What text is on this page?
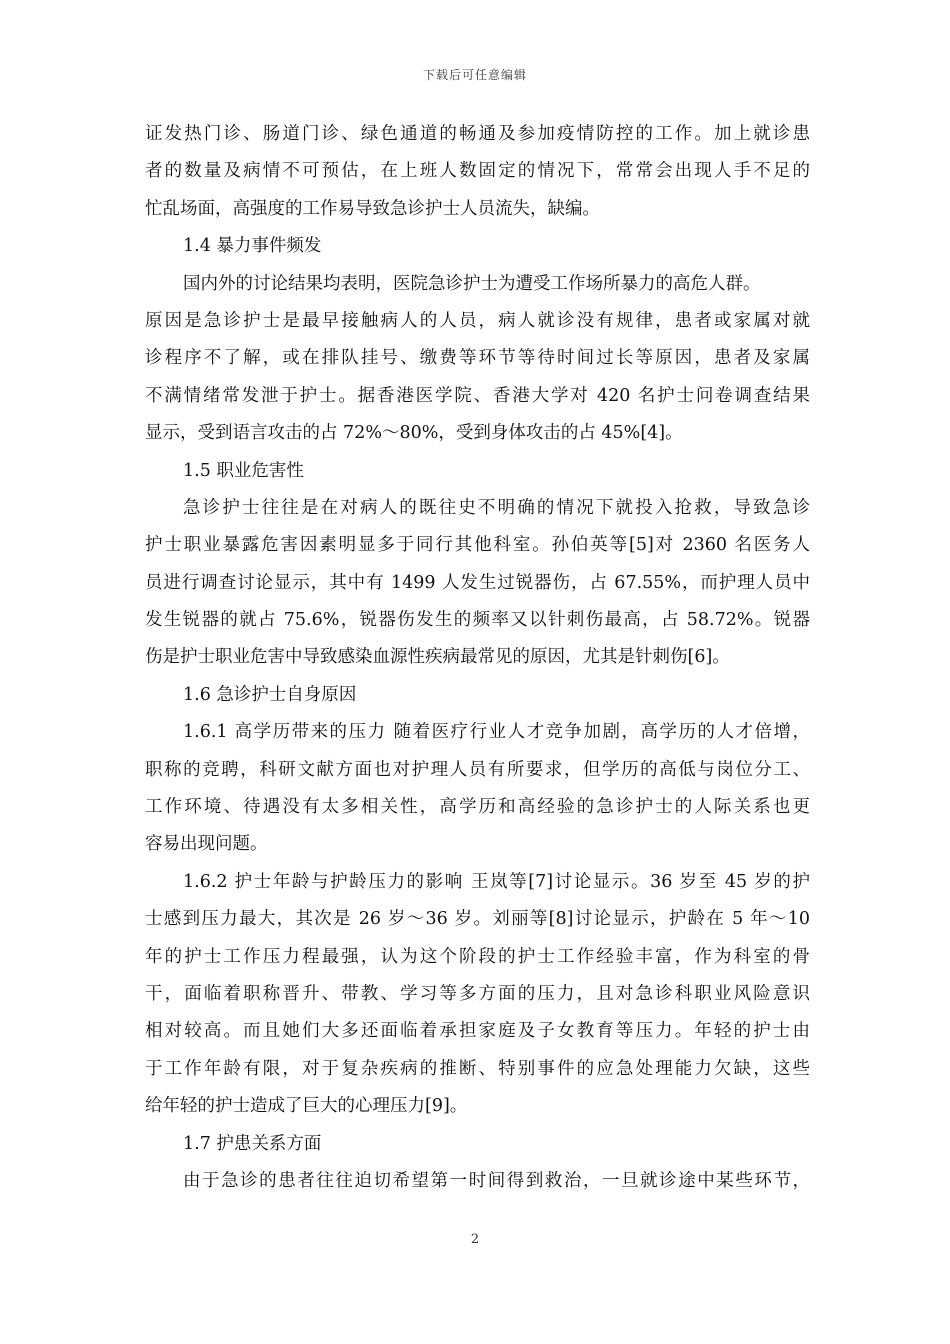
下载后可任意编辑
证发热门诊、肠道门诊、绿色通道的畅通及参加疫情防控的工作。加上就诊患
者的数量及病情不可预估，在上班人数固定的情况下，常常会出现人手不足的
忙乱场面，高强度的工作易导致急诊护士人员流失，缺编。
1.4 暴力事件频发
国内外的讨论结果均表明，医院急诊护士为遭受工作场所暴力的高危人群。
原因是急诊护士是最早接触病人的人员，病人就诊没有规律，患者或家属对就
诊程序不了解，或在排队挂号、缴费等环节等待时间过长等原因，患者及家属
不满情绪常发泄于护士。据香港医学院、香港大学对 420 名护士问卷调查结果
显示，受到语言攻击的占 72%～80%，受到身体攻击的占 45%[4]。
1.5 职业危害性
急诊护士往往是在对病人的既往史不明确的情况下就投入抢救，导致急诊
护士职业暴露危害因素明显多于同行其他科室。孙伯英等[5]对 2360 名医务人
员进行调查讨论显示，其中有 1499 人发生过锐器伤，占 67.55%，而护理人员中
发生锐器的就占 75.6%，锐器伤发生的频率又以针刺伤最高，占 58.72%。锐器
伤是护士职业危害中导致感染血源性疾病最常见的原因，尤其是针刺伤[6]。
1.6 急诊护士自身原因
1.6.1 高学历带来的压力 随着医疗行业人才竞争加剧，高学历的人才倍增，
职称的竞聘，科研文献方面也对护理人员有所要求，但学历的高低与岗位分工、
工作环境、待遇没有太多相关性，高学历和高经验的急诊护士的人际关系也更
容易出现问题。
1.6.2 护士年龄与护龄压力的影响 王岚等[7]讨论显示。36 岁至 45 岁的护
士感到压力最大，其次是 26 岁～36 岁。刘丽等[8]讨论显示，护龄在 5 年～10
年的护士工作压力程最强，认为这个阶段的护士工作经验丰富，作为科室的骨
干，面临着职称晋升、带教、学习等多方面的压力，且对急诊科职业风险意识
相对较高。而且她们大多还面临着承担家庭及子女教育等压力。年轻的护士由
于工作年龄有限，对于复杂疾病的推断、特别事件的应急处理能力欠缺，这些
给年轻的护士造成了巨大的心理压力[9]。
1.7 护患关系方面
由于急诊的患者往往迫切希望第一时间得到救治，一旦就诊途中某些环节，
2
